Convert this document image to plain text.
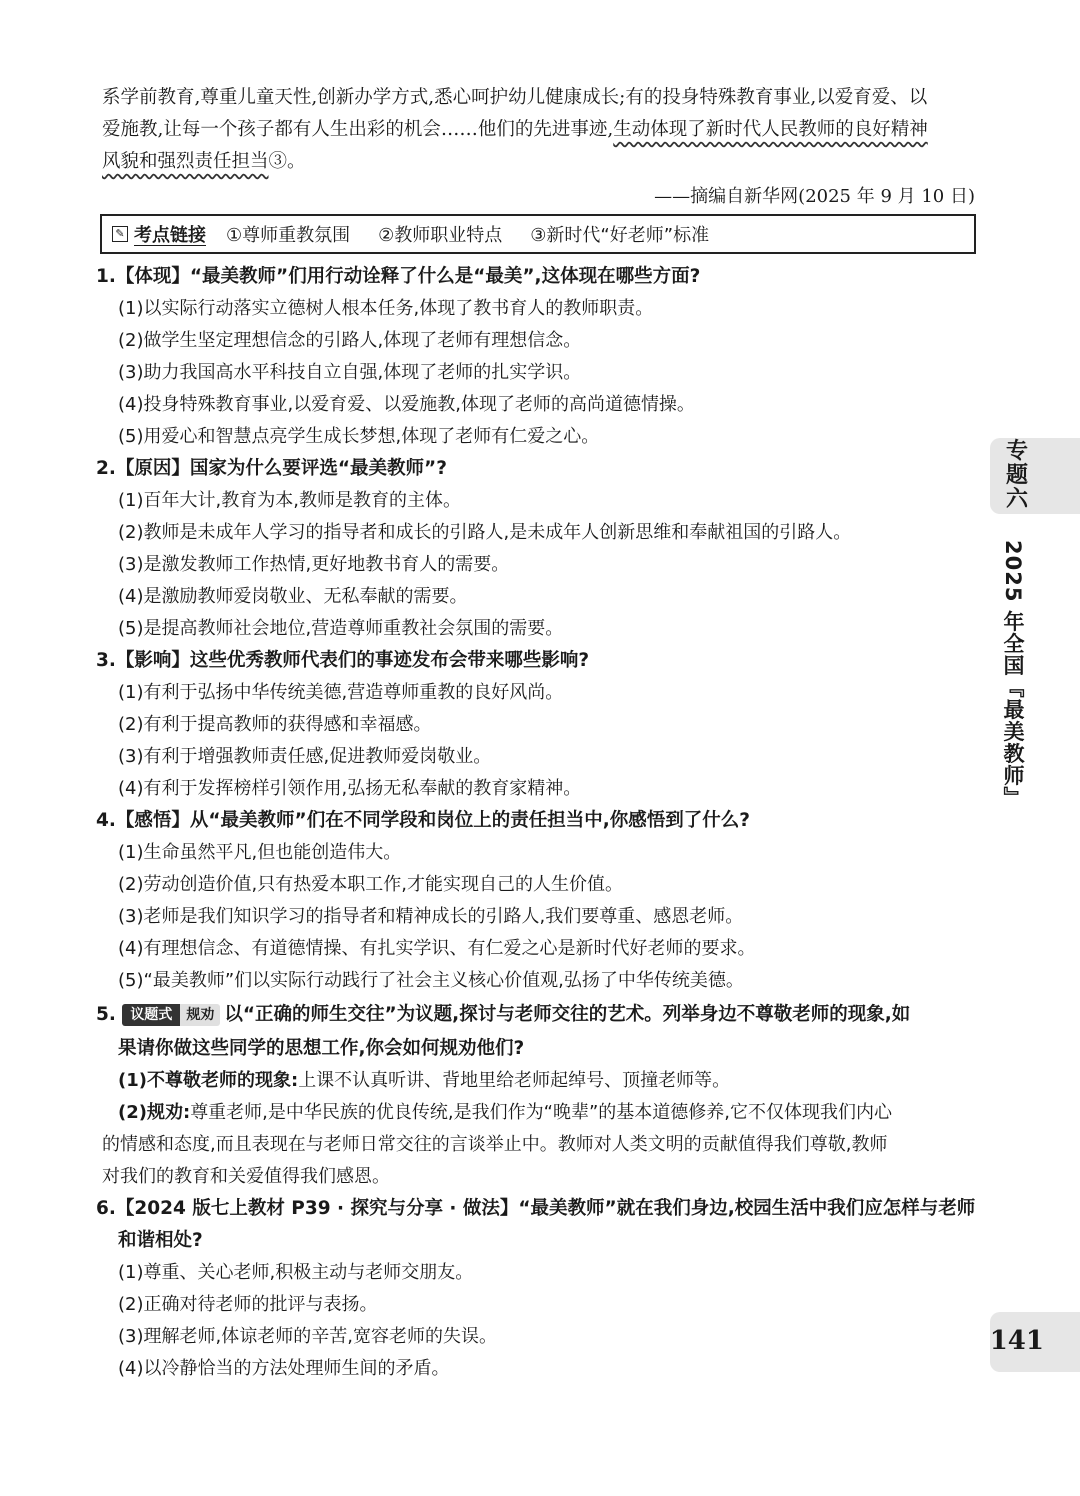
系学前教育,尊重儿童天性,创新办学方式,悉心呵护幼儿健康成长;有的投身特殊教育事业,以爱育爱、以
爱施教,让每一个孩子都有人生出彩的机会……他们的先进事迹,生动体现了新时代人民教师的良好精神
风貌和强烈责任担当③。
——摘编自新华网(2025 年 9 月 10 日)
✎ 考点链接 ①尊师重教氛围 ②教师职业特点 ③新时代“好老师”标准
1.【体现】“最美教师”们用行动诠释了什么是“最美”,这体现在哪些方面?
(1)以实际行动落实立德树人根本任务,体现了教书育人的教师职责。
(2)做学生坚定理想信念的引路人,体现了老师有理想信念。
(3)助力我国高水平科技自立自强,体现了老师的扎实学识。
(4)投身特殊教育事业,以爱育爱、以爱施教,体现了老师的高尚道德情操。
(5)用爱心和智慧点亮学生成长梦想,体现了老师有仁爱之心。
2.【原因】国家为什么要评选“最美教师”?
(1)百年大计,教育为本,教师是教育的主体。
(2)教师是未成年人学习的指导者和成长的引路人,是未成年人创新思维和奉献祖国的引路人。
(3)是激发教师工作热情,更好地教书育人的需要。
(4)是激励教师爱岗敬业、无私奉献的需要。
(5)是提高教师社会地位,营造尊师重教社会氛围的需要。
3.【影响】这些优秀教师代表们的事迹发布会带来哪些影响?
(1)有利于弘扬中华传统美德,营造尊师重教的良好风尚。
(2)有利于提高教师的获得感和幸福感。
(3)有利于增强教师责任感,促进教师爱岗敬业。
(4)有利于发挥榜样引领作用,弘扬无私奉献的教育家精神。
4.【感悟】从“最美教师”们在不同学段和岗位上的责任担当中,你感悟到了什么?
(1)生命虽然平凡,但也能创造伟大。
(2)劳动创造价值,只有热爱本职工作,才能实现自己的人生价值。
(3)老师是我们知识学习的指导者和精神成长的引路人,我们要尊重、感恩老师。
(4)有理想信念、有道德情操、有扎实学识、有仁爱之心是新时代好老师的要求。
(5)“最美教师”们以实际行动践行了社会主义核心价值观,弘扬了中华传统美德。
5. 议题式 规劝 以“正确的师生交往”为议题,探讨与老师交往的艺术。列举身边不尊敬老师的现象,如
果请你做这些同学的思想工作,你会如何规劝他们?
(1)不尊敬老师的现象:上课不认真听讲、背地里给老师起绰号、顶撞老师等。
(2)规劝:尊重老师,是中华民族的优良传统,是我们作为“晚辈”的基本道德修养,它不仅体现我们内心
的情感和态度,而且表现在与老师日常交往的言谈举止中。教师对人类文明的贡献值得我们尊敬,教师
对我们的教育和关爱值得我们感恩。
6.【2024 版七上教材 P39 · 探究与分享 · 做法】“最美教师”就在我们身边,校园生活中我们应怎样与老师
和谐相处?
(1)尊重、关心老师,积极主动与老师交朋友。
(2)正确对待老师的批评与表扬。
(3)理解老师,体谅老师的辛苦,宽容老师的失误。
(4)以冷静恰当的方法处理师生间的矛盾。
专题六
2025 年全国『最美教师』
141
